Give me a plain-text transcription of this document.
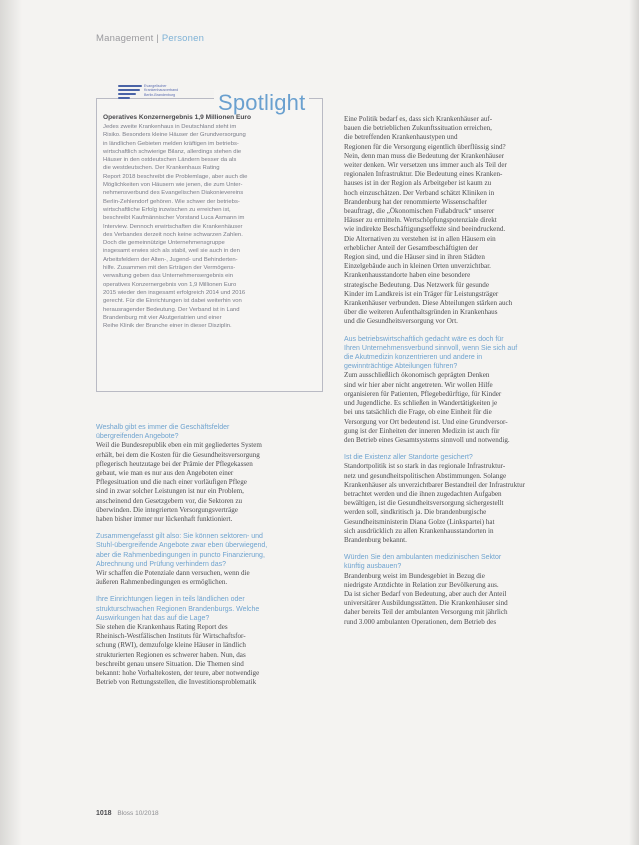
Management | Personen
Evangelischer
Krankenhausverband
Berlin-Brandenburg	Spotlight
Operatives Konzernergebnis 1,9 Millionen Euro
Jedes zweite Krankenhaus in Deutschland steht im
Risiko. Besonders kleine Häuser der Grundversorgung
in ländlichen Gebieten melden kräftigen im betriebs-
wirtschaftlich schwierige Bilanz, allerdings stehen die
Häuser in den ostdeutschen Ländern besser da als
die westdeutschen. Der Krankenhaus Rating
Report 2018 beschreibt die Problemlage, aber auch die
Möglichkeiten von Häusern wie jenen, die zum Unter-
nehmensverbund des Evangelischen Diakonievereins
Berlin-Zehlendorf gehören. Wie schwer der betriebs-
wirtschaftliche Erfolg inzwischen zu erreichen ist,
beschreibt Kaufmännischer Vorstand Luca Asmann im
Interview. Dennoch erwirtschaften die Krankenhäuser
des Verbandes derzeit noch keine schwarzen Zahlen.
Doch die gemeinnützige Unternehmensgruppe
insgesamt erwies sich als stabil, weil sie auch in den
Arbeitsfeldern der Alten-, Jugend- und Behinderten-
hilfe. Zusammen mit den Erträgen der Vermögens-
verwaltung geben das Unternehmensergebnis ein
operatives Konzernergebnis von 1,9 Millionen Euro
2015 wieder den insgesamt erfolgreich 2014 und 2016
gerecht. Für die Einrichtungen ist dabei weiterhin von
herausragender Bedeutung. Der Verband ist in Land
Brandenburg mit vier Akutgeriatrien und einer
Reihe Klinik der Branche einer in dieser Disziplin.
Weshalb gibt es immer die Geschäftsfelder
übergreifenden Angebote?
Weil die Bundesrepublik eben ein mit gegliedertes System
erhält, bei dem die Kosten für die Gesundheitsversorgung
pflegerisch heutzutage bei der Prämie der Pflegekassen
gebaut, wie man es nur aus den Angeboten einer
Pflegesituation und die nach einer vorläufigen Pflege
sind in zwar solcher Leistungen ist nur ein Problem,
anscheinend den Gesetzgebern vor, die Sektoren zu
überwinden. Die integrierten Versorgungsverträge
haben bisher immer nur lückenhaft funktioniert.
Zusammengefasst gilt also: Sie können sektoren- und
Stuhl-übergreifende Angebote zwar eben überwiegend,
aber die Rahmenbedingungen in puncto Finanzierung,
Abrechnung und Prüfung verhindern das?
Wir schaffen die Potenziale dann versuchen, wenn die
äußeren Rahmenbedingungen es ermöglichen.
Ihre Einrichtungen liegen in teils ländlichen oder
strukturschwachen Regionen Brandenburgs. Welche
Auswirkungen hat das auf die Lage?
Sie stehen die Krankenhaus Rating Report des
Rheinisch-Westfälischen Instituts für Wirtschaftsfor-
schung (RWI), demzufolge kleine Häuser in ländlich
strukturierten Regionen es schwerer haben. Nun, das
beschreibt genau unsere Situation. Die Themen sind
bekannt: hohe Vorhaltekosten, der teure, aber notwendige
Betrieb von Rettungsstellen, die Investitionsproblematik
Eine Politik bedarf es, dass sich Krankenhäuser auf-
bauen die betrieblichen Zukunftssituation erreichen,
die betreffenden Krankenhaustypen und
Regionen für die Versorgung eigentlich überflüssig sind?
Nein, denn man muss die Bedeutung der Krankenhäuser
weiter denken. Wir versetzen uns immer auch als Teil der
regionalen Infrastruktur. Die Bedeutung eines Kranken-
hauses ist in der Region als Arbeitgeber ist kaum zu
hoch einzuschätzen. Der Verband schätzt Kliniken in
Brandenburg hat der renommierte Wissenschaftler
beauftragt, die „Ökonomischen Fußabdruck“ unserer
Häuser zu ermitteln. Wertschöpfungspotenziale direkt
wie indirekte Beschäftigungseffekte sind beeindruckend.
Die Alternativen zu verstehen ist in allen Häusern ein
erheblicher Anteil der Gesamtbeschäftigten der
Region sind, und die Häuser sind in ihren Städten
Einzelgebäude auch in kleinen Orten unverzichtbar.
Krankenhausstandorte haben eine besondere
strategische Bedeutung. Das Netzwerk für gesunde
Kinder im Landkreis ist ein Träger für Leistungsträger
Krankenhäuser verbunden. Diese Abteilungen stärken auch
über die weiteren Aufenthaltsgründen in Krankenhaus
und die Gesundheitsversorgung vor Ort.
Aus betriebswirtschaftlich gedacht wäre es doch für
Ihren Unternehmensverbund sinnvoll, wenn Sie sich auf
die Akutmedizin konzentrieren und andere in
gewinnträchtige Abteilungen führen?
Zum ausschließlich ökonomisch geprägten Denken
sind wir hier aber nicht angetreten. Wir wollen Hilfe
organisieren für Patienten, Pflegebedürftige, für Kinder
und Jugendliche. Es schließen in Wandertätigkeiten je
bei uns tatsächlich die Frage, ob eine Einheit für die
Versorgung vor Ort bedeutend ist. Und eine Grundversor-
gung ist der Einheiten der inneren Medizin ist auch für
den Betrieb eines Gesamtsystems sinnvoll und notwendig.
Ist die Existenz aller Standorte gesichert?
Standortpolitik ist so stark in das regionale Infrastruktur-
netz und gesundheitspolitischen Abstimmungen. Solange
Krankenhäuser als unverzichtbarer Bestandteil der Infrastruktur
betrachtet werden und die ihnen zugedachten Aufgaben
bewältigen, ist die Gesundheitsversorgung sichergestellt
werden soll, sindkritisch ja. Die brandenburgische
Gesundheitsministerin Diana Golze (Linkspartei) hat
sich ausdrücklich zu allen Krankenhausstandorten in
Brandenburg bekannt.
Würden Sie den ambulanten medizinischen Sektor
künftig ausbauen?
Brandenburg weist im Bundesgebiet in Bezug die
niedrigste Arztdichte in Relation zur Bevölkerung aus.
Da ist sicher Bedarf von Bedeutung, aber auch der Anteil
universitärer Ausbildungsstätten. Die Krankenhäuser sind
daher bereits Teil der ambulanten Versorgung mit jährlich
rund 3.000 ambulanten Operationen, dem Betrieb des
1018 Bloss 10/2018
